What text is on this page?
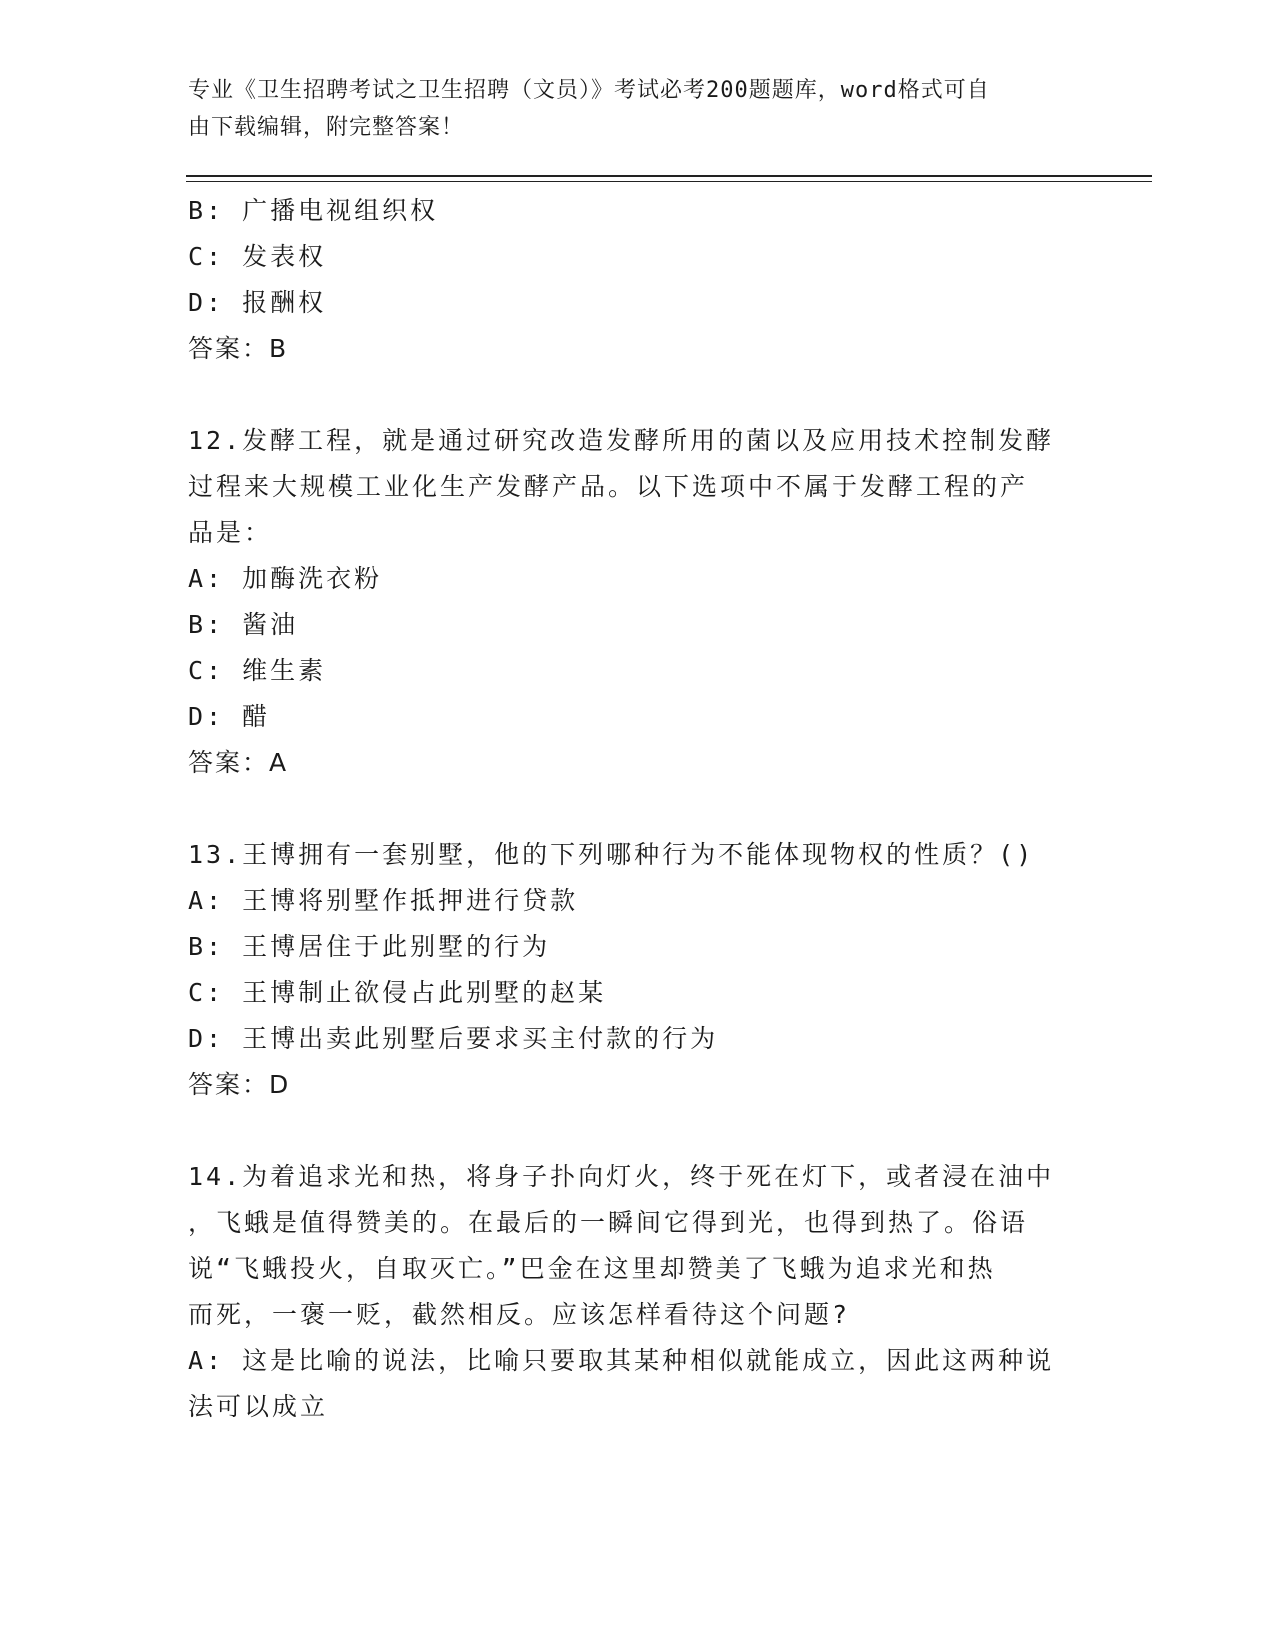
专业《卫生招聘考试之卫生招聘（文员）》考试必考200题题库，word格式可自
由下载编辑，附完整答案！
B: 广播电视组织权
C: 发表权
D: 报酬权
答案：B
12.发酵工程，就是通过研究改造发酵所用的菌以及应用技术控制发酵
过程来大规模工业化生产发酵产品。以下选项中不属于发酵工程的产
品是：
A: 加酶洗衣粉
B: 酱油
C: 维生素
D: 醋
答案：A
13.王博拥有一套别墅，他的下列哪种行为不能体现物权的性质？()
A: 王博将别墅作抵押进行贷款
B: 王博居住于此别墅的行为
C: 王博制止欲侵占此别墅的赵某
D: 王博出卖此别墅后要求买主付款的行为
答案：D
14.为着追求光和热，将身子扑向灯火，终于死在灯下，或者浸在油中
，飞蛾是值得赞美的。在最后的一瞬间它得到光，也得到热了。俗语
说“飞蛾投火，自取灭亡。”巴金在这里却赞美了飞蛾为追求光和热
而死，一褒一贬，截然相反。应该怎样看待这个问题?
A: 这是比喻的说法，比喻只要取其某种相似就能成立，因此这两种说
法可以成立
